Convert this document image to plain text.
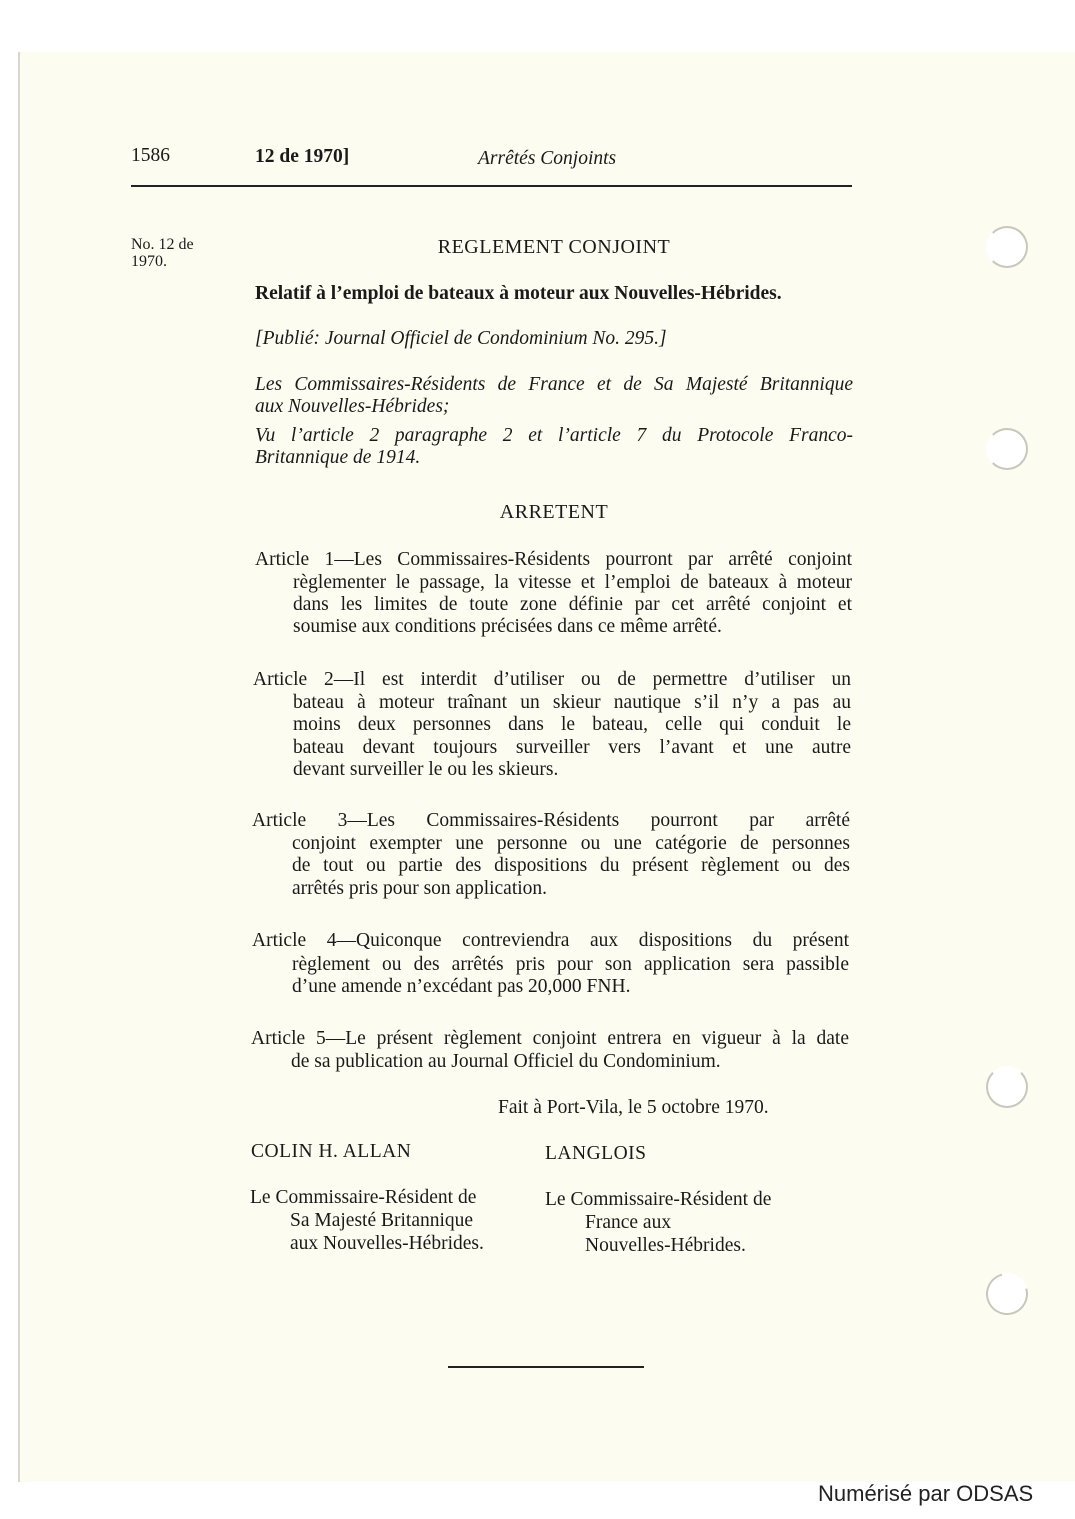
1586	12 de 1970]	Arrêtés Conjoints
No. 12 de
1970.
REGLEMENT CONJOINT
Relatif à l’emploi de bateaux à moteur aux Nouvelles-Hébrides.
[Publié: Journal Officiel de Condominium No. 295.]
Les Commissaires-Résidents de France et de Sa Majesté Britannique
aux Nouvelles-Hébrides;
Vu l’article 2 paragraphe 2 et l’article 7 du Protocole Franco-
Britannique de 1914.
Article 1—Les Commissaires-Résidents pourront par arrêté conjoint
règlementer le passage, la vitesse et l’emploi de bateaux à moteur
dans les limites de toute zone définie par cet arrêté conjoint et
soumise aux conditions précisées dans ce même arrêté.
Article 2—Il est interdit d’utiliser ou de permettre d’utiliser un
bateau à moteur traînant un skieur nautique s’il n’y a pas au
moins deux personnes dans le bateau, celle qui conduit le
bateau devant toujours surveiller vers l’avant et une autre
devant surveiller le ou les skieurs.
Article 3—Les Commissaires-Résidents pourront par arrêté
conjoint exempter une personne ou une catégorie de personnes
de tout ou partie des dispositions du présent règlement ou des
arrêtés pris pour son application.
Article 4—Quiconque contreviendra aux dispositions du présent
règlement ou des arrêtés pris pour son application sera passible
d’une amende n’excédant pas 20,000 FNH.
Article 5—Le présent règlement conjoint entrera en vigueur à la date
de sa publication au Journal Officiel du Condominium.
ARRETENT
Fait à Port-Vila, le 5 octobre 1970.
COLIN H. ALLAN	LANGLOIS
Le Commissaire-Résident de
Sa Majesté Britannique
aux Nouvelles-Hébrides.
Le Commissaire-Résident de
France aux
Nouvelles-Hébrides.
Numérisé par ODSAS
